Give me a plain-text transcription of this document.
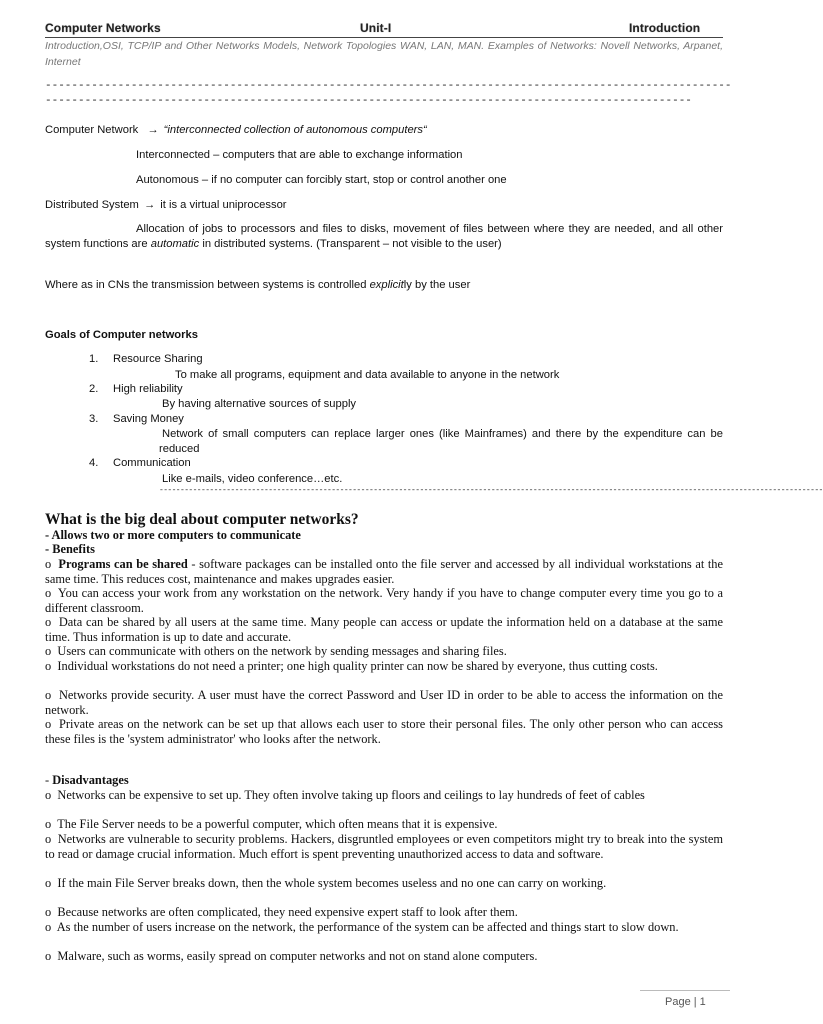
Computer Networks	Unit-I	Introduction
Introduction,OSI, TCP/IP and Other Networks Models, Network Topologies WAN, LAN, MAN. Examples of Networks: Novell Networks, Arpanet, Internet
--------------------------------------------------------------------------------------------------------
--------------------------------------------------------------------------------------------------
Computer Network → “interconnected collection of autonomous computers“
Interconnected – computers that are able to exchange information
Autonomous – if no computer can forcibly start, stop or control another one
Distributed System → it is a virtual uniprocessor
Allocation of jobs to processors and files to disks, movement of files between where they are needed, and all other system functions are automatic in distributed systems. (Transparent – not visible to the user)
Where as in CNs the transmission between systems is controlled explicitly by the user
Goals of Computer networks
1. Resource Sharing
To make all programs, equipment and data available to anyone in the network
2. High reliability
By having alternative sources of supply
3. Saving Money
Network of small computers can replace larger ones (like Mainframes) and there by the expenditure can be reduced
4. Communication
Like e-mails, video conference…etc.
--------------------------------------------------------------------------------------------------------------------------------------------------------------
What is the big deal about computer networks?
- Allows two or more computers to communicate
- Benefits
o Programs can be shared - software packages can be installed onto the file server and accessed by all individual workstations at the same time. This reduces cost, maintenance and makes upgrades easier.
o You can access your work from any workstation on the network. Very handy if you have to change computer every time you go to a different classroom.
o Data can be shared by all users at the same time. Many people can access or update the information held on a database at the same time. Thus information is up to date and accurate.
o Users can communicate with others on the network by sending messages and sharing files.
o Individual workstations do not need a printer; one high quality printer can now be shared by everyone, thus cutting costs.
o Networks provide security. A user must have the correct Password and User ID in order to be able to access the information on the network.
o Private areas on the network can be set up that allows each user to store their personal files. The only other person who can access these files is the 'system administrator' who looks after the network.
- Disadvantages
o Networks can be expensive to set up. They often involve taking up floors and ceilings to lay hundreds of feet of cables
o The File Server needs to be a powerful computer, which often means that it is expensive.
o Networks are vulnerable to security problems. Hackers, disgruntled employees or even competitors might try to break into the system to read or damage crucial information. Much effort is spent preventing unauthorized access to data and software.
o If the main File Server breaks down, then the whole system becomes useless and no one can carry on working.
o Because networks are often complicated, they need expensive expert staff to look after them.
o As the number of users increase on the network, the performance of the system can be affected and things start to slow down.
o Malware, such as worms, easily spread on computer networks and not on stand alone computers.
Page | 1
